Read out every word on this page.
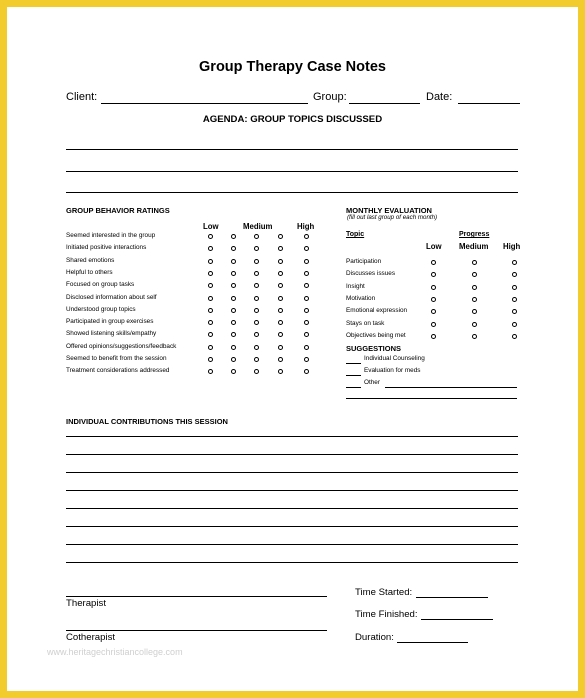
Group Therapy Case Notes
Client:	Group:	Date:
AGENDA: GROUP TOPICS DISCUSSED
GROUP BEHAVIOR RATINGS
Low	Medium	High
Seemed interested in the group
Initiated positive interactions
Shared emotions
Helpful to others
Focused on group tasks
Disclosed information about self
Understood group topics
Participated in group exercises
Showed listening skills/empathy
Offered opinions/suggestions/feedback
Seemed to benefit from the session
Treatment considerations addressed
MONTHLY EVALUATION
(fill out last group of each month)
Topic	Progress
Low Medium High
Participation
Discusses issues
Insight
Motivation
Emotional expression
Stays on task
Objectives being met
SUGGESTIONS
Individual Counseling
Evaluation for meds
Other
INDIVIDUAL CONTRIBUTIONS THIS SESSION
Therapist
Cotherapist
Time Started:
Time Finished:
Duration:
www.heritagechristiancollege.com
